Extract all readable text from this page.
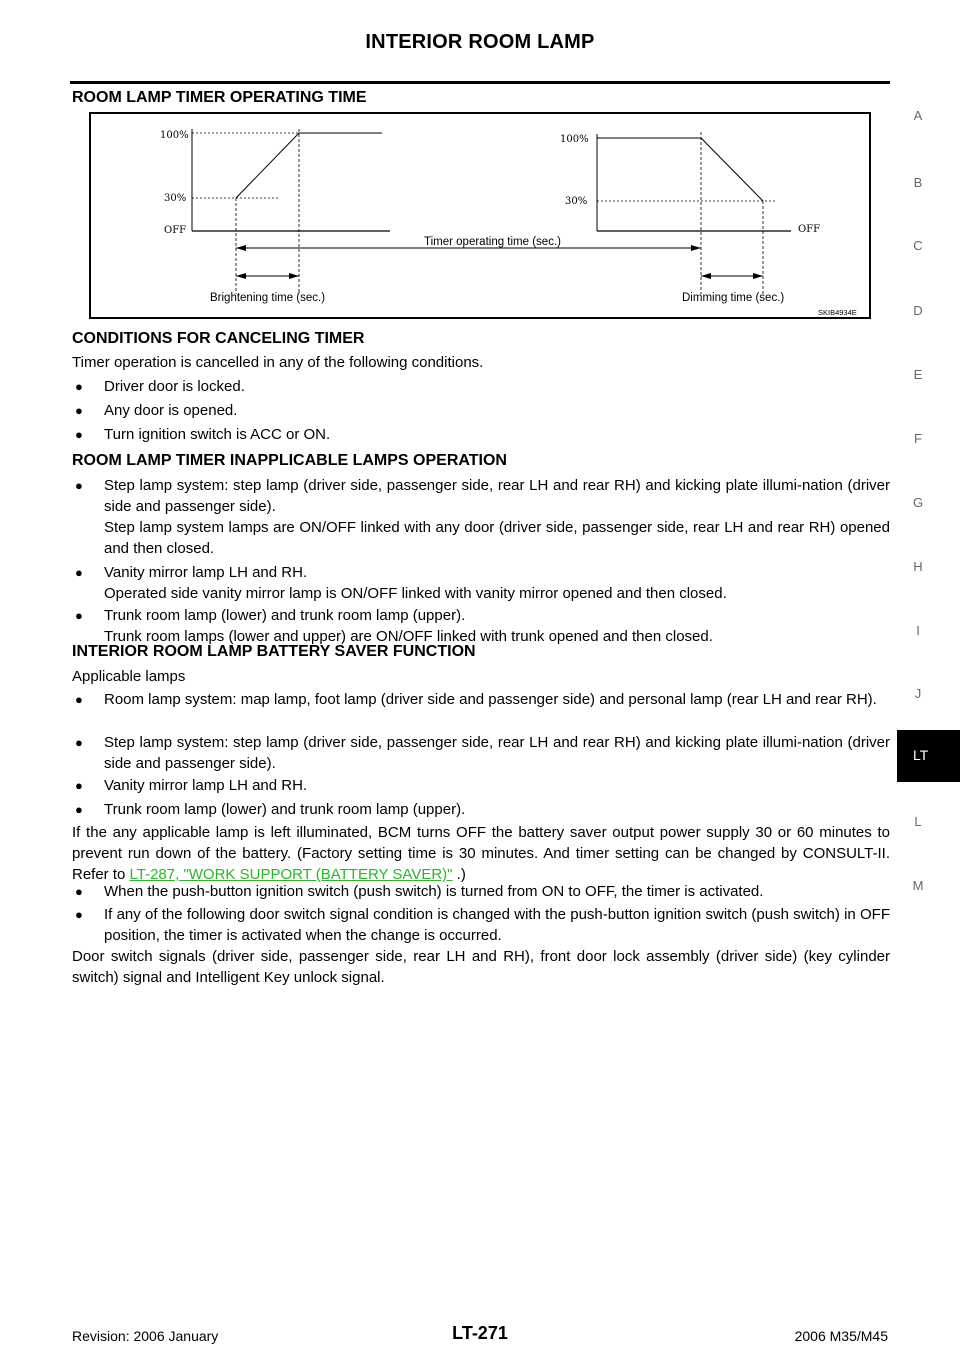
INTERIOR ROOM LAMP
A
B
C
D
E
F
G
H
I
J
LT
L
M
ROOM LAMP TIMER OPERATING TIME
100%
30%
OFF
100%
30%
OFF
Timer operating time (sec.)
Brightening time (sec.)	Dimming time (sec.)
SKIB4934E
CONDITIONS FOR CANCELING TIMER
Timer operation is cancelled in any of the following conditions.
● Driver door is locked.
● Any door is opened.
● Turn ignition switch is ACC or ON.
ROOM LAMP TIMER INAPPLICABLE LAMPS OPERATION
● Step lamp system: step lamp (driver side, passenger side, rear LH and rear RH) and kicking plate illumi-nation (driver side and passenger side).
Step lamp system lamps are ON/OFF linked with any door (driver side, passenger side, rear LH and rear RH) opened and then closed.
● Vanity mirror lamp LH and RH.
Operated side vanity mirror lamp is ON/OFF linked with vanity mirror opened and then closed.
● Trunk room lamp (lower) and trunk room lamp (upper).
Trunk room lamps (lower and upper) are ON/OFF linked with trunk opened and then closed.
INTERIOR ROOM LAMP BATTERY SAVER FUNCTION
Applicable lamps
● Room lamp system: map lamp, foot lamp (driver side and passenger side) and personal lamp (rear LH and rear RH).
● Step lamp system: step lamp (driver side, passenger side, rear LH and rear RH) and kicking plate illumi-nation (driver side and passenger side).
● Vanity mirror lamp LH and RH.
● Trunk room lamp (lower) and trunk room lamp (upper).
If the any applicable lamp is left illuminated, BCM turns OFF the battery saver output power supply 30 or 60 minutes to prevent run down of the battery. (Factory setting time is 30 minutes. And timer setting can be changed by CONSULT-II. Refer to LT-287, "WORK SUPPORT (BATTERY SAVER)" .)
● When the push-button ignition switch (push switch) is turned from ON to OFF, the timer is activated.
● If any of the following door switch signal condition is changed with the push-button ignition switch (push switch) in OFF position, the timer is activated when the change is occurred.
Door switch signals (driver side, passenger side, rear LH and RH), front door lock assembly (driver side) (key cylinder switch) signal and Intelligent Key unlock signal.
Revision: 2006 January	LT-271	2006 M35/M45
